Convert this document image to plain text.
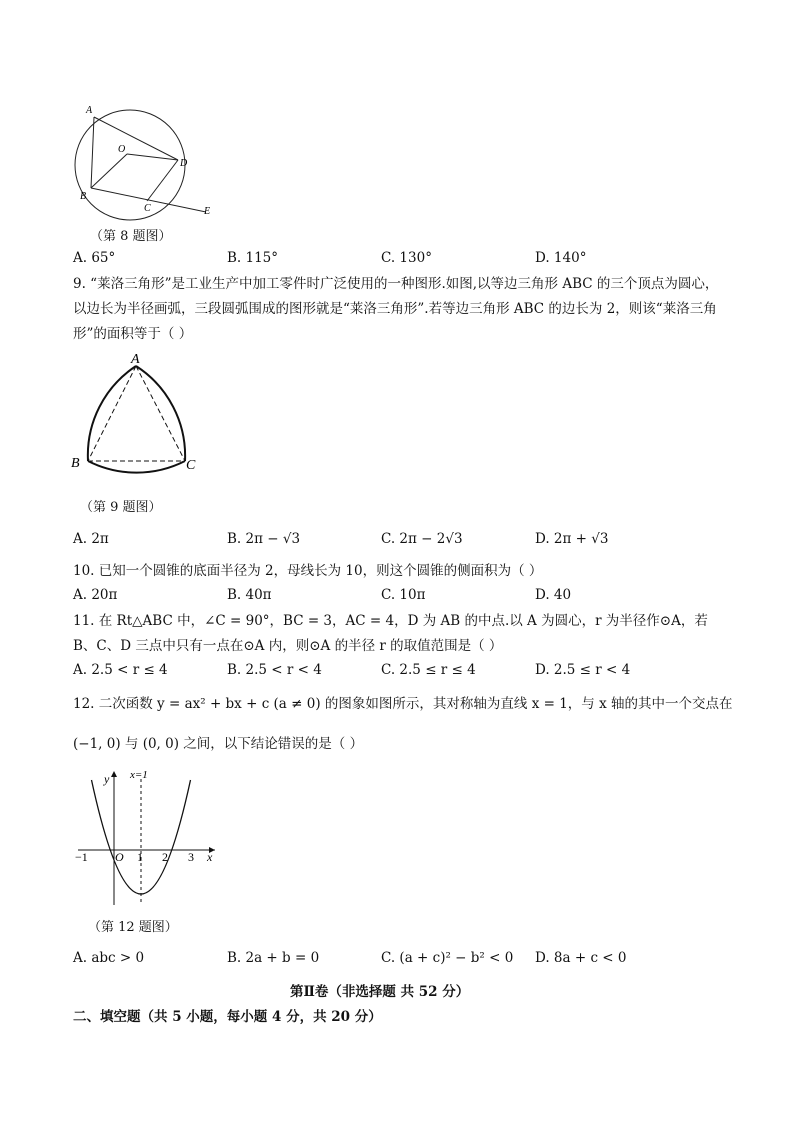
A
O
D
B
C	E
（第 8 题图）
A. 65°	B. 115°	C. 130°	D. 140°
9. “莱洛三角形”是工业生产中加工零件时广泛使用的一种图形.如图,以等边三角形 ABC 的三个顶点为圆心，
以边长为半径画弧，三段圆弧围成的图形就是“莱洛三角形”.若等边三角形 ABC 的边长为 2，则该“莱洛三角
形”的面积等于（ ）
A
B	C
（第 9 题图）
A. 2π	B. 2π − √3	C. 2π − 2√3	D. 2π + √3
10. 已知一个圆锥的底面半径为 2，母线长为 10，则这个圆锥的侧面积为（ ）
A. 20π	B. 40π	C. 10π	D. 40
11. 在 Rt△ABC 中，∠C = 90°，BC = 3，AC = 4，D 为 AB 的中点.以 A 为圆心，r 为半径作⊙A，若
B、C、D 三点中只有一点在⊙A 内，则⊙A 的半径 r 的取值范围是（ ）
A. 2.5 < r ≤ 4	B. 2.5 < r < 4	C. 2.5 ≤ r ≤ 4	D. 2.5 ≤ r < 4
12. 二次函数 y = ax² + bx + c (a ≠ 0) 的图象如图所示，其对称轴为直线 x = 1，与 x 轴的其中一个交点在
(−1, 0) 与 (0, 0) 之间，以下结论错误的是（ ）
y x=1
x
−1 O 1 2 3
（第 12 题图）
A. abc > 0	B. 2a + b = 0	C. (a + c)² − b² < 0 D. 8a + c < 0
第Ⅱ卷（非选择题 共 52 分）
二、填空题（共 5 小题，每小题 4 分，共 20 分）
